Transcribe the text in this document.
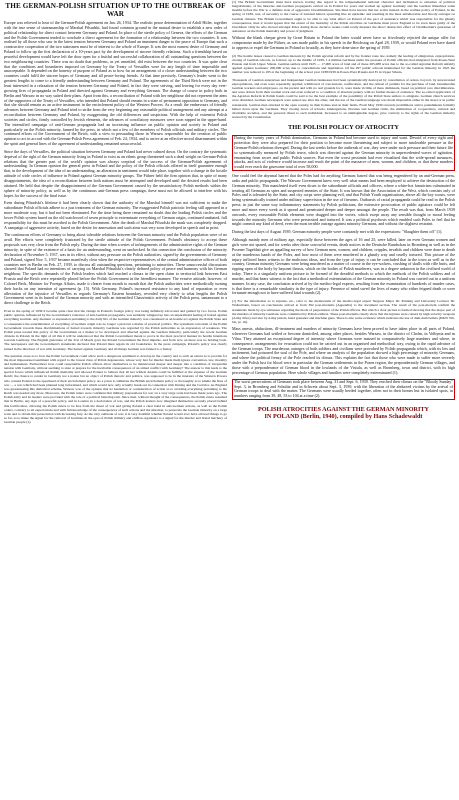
THE GERMAN-POLISH SITUATION UP TO THE OUTBREAK OF WAR

Europe was relieved to hear of the German-Polish agreement on Jan. 26, 1934. The realistic peace determination of Adolf Hitler, together with the true sense of statesmanship of Marshal Pilsudski, had found common ground in the mutual desire to establish a new order of political relationship for direct contact between Germany and Poland. In place of the sterile policy of Geneva, the efforts of the German and the Polish Government tended to conclude a direct agreement for the formation of a relationship between the two countries. It was realised by all those who saw in the latest tension between Germany and Poland an imminent danger to the peace of Europe that such a constructive cooperation of the two statesmen must be of interest to the whole of Europe. It was the most earnest desire of Germany and Poland to follow up the first declaration of a 10-years pact by the development of sincere friendly relations. Such a friendship based on peaceful development would have left the door open for a fruitful and successful collaboration of all outstanding questions between the two neighbouring countries. There was no doubt that problems, as yet unsettled, did exist between the two countries. It was quite clear that the conditions and boundaries imposed on Germany by the Treaty of Versailles were for any length of time impossible and unacceptable. It depended on the honesty of purpose of Poland as to how far an arrangement of a closer understanding between the two countries could fulfil the sincere hopes of Germany and all peace-loving friends. At that time precisely, Germany's leader went to the greatest lengths to come to a friendly understanding between Germany and Poland. The agreements of the Third Reich were not in the least interested in a relaxation of the tension between Germany and Poland, in fact they were striving, and leaving for every day ever-growing fires of propaganda in Poland and directed against Germany and everything German. The change of course in policy both in Berlin and Warsaw in no way suited their plans. Apart from this, a reconciliation of Poland with her neighbour did not represent the aims of the supporters of the Treaty of Versailles, who intended that Poland should remain in a state of permanent opposition to Germany, and that she should remain as an active instrument in the encirclement policy of the Western Powers. As a result the endeavours of friendly advances between Germany and Poland tried to strike from the very beginning any reasonable political arrangement and any attempt at a reconciliation between Germany and Poland, by exaggerating the old differences and suspicions. With the help of extremist Polish societies and circles, firmly controlled by Jewish elements, the advances of conciliatory measures were soon nipped in the upper-hand. The intensified campaign of anti-German propaganda had an increasing influence on public opinion and society in Poland and particularly on the Polish minority, fanned by the press, in which not a few of the members of Polish officials and military circles. The continued efforts of the Government of the Reich, with a view to persuading those in Warsaw responsible for the creation of public opinion to act in accord with the German-Polish Press agreement of Feb. 24, 1934, and to arrive at an effective moral disarmament within the spirit and general lines of the agreement of understanding remained unsuccessful.

Since the days of Versailles, the political situation between Germany and Poland had never calmed down. On the contrary the systematic deprival of the right of the German minority living in Poland to exist as an ethnic group threatened such a dead weight on German-Polish relations that the greater part of the world's opinion was always sceptical of the success of the German-Polish agreement of understanding. In German opinion the general press in Poland and the policy of the Polish officials offered in itself guarantee enough that, in the development of the idea of an understanding, an alteration in sentiment would take place, together with a change in the hostile attitude of wide circles of influence in Poland against German minority groups. The Führer held the firm opinion that, in spite of many disappointments, the idea of a reconciliation between both nations must be attempted and developed until the desired results had been attained. He held that despite the disappointment of the German Government caused by the unsatisfactory Polish methods within the sphere of minority policy, as well as by the continuous anti-German press campaign, these must not be allowed to interfere with his hopes for the success of the final issue.

Even during Pilsudski's lifetime it had been clearly shown that the authority of the Marshal himself was not sufficient to make the subordinate Polish officials adhere to a just treatment of the German minority. The exaggerated Polish patriotic feeling still appeared in a more moderate way, but it had not been eliminated. For the time being there remained no doubt that the leading Polish circles and the lower Polish system based on the old watchword of seven principle to exterminate everything of German origin, continued unabated, full responsibility for this must be ascribed to the Polish Government. After the death of Marshal Pilsudski the mask was completely dropped. A campaign of aggressive activity, based on the desire for annexation and such aims was very soon developed in speech and in print.

The continuous efforts of Germany to bring about tolerable relations between the German minority and the Polish population were of no avail. Her efforts were completely frustrated by the sterile attitude of the Polish Government. Poland's obstinacy to accept these proposals was very clear from the Polish reply. During the time when a series of infringements of the administrative rights of the German minority, in spite of the existence of a basis for an understanding, went on unchecked. In this connection the conclusion of the minority declaration of November 5, 1937, was in its effect, without any pressure on the Polish authorities, signed by the governments of Germany and Poland, signed Nov. 5, 1937 became manifestly clear when the respective representatives of the central administrative offices of both countries met in Berlin on Feb. 27, 1939, to discuss all outstanding questions, pertaining to minorities. These unsuccessful discussions showed that Poland had no intentions of carrying on Marshal Pilsudski's clearly defined policy of peace and harmony with his German neighbour. The specific demands of the Polish leaders which had reached a climax in the open claim to territorial link between East Prussia and the Reich were repeatedly placed before the Polish Government in the friendliest manner: The evasive attitude, however, of Colonel Beck, Minister for Foreign Affairs, made it clearer from month to month that the Polish authorities were methodically turning their backs on any intention of agreement (p. 15). With Germany, Poland's increased resistance to any kind of reparation or even alleviation of the injustice of Versailles as regards Germany's Eastern boundary, revealed very clearly to what lengths the Polish Government went in its hatred of the German minority and with an intensified Chauvinistic activity of the Polish press, tantamount to a direct challenge to the Reich.

Even in the spring of 1939 it became quite clear that the change in Poland's foreign policy was being definitely advocated and guided by two forces. Polish public opinion, influenced by the Government's tolerance of anti-German propaganda, was suddenly whipped up into an unparalleled feeling of hatred against everything German. Any moment or expression pertaining to the daily life of the German minority was considered as an hostile act against the Polish State and a consequence the extermination of everything of German origin was no longer a plan but a matter of practical politics. The systematic terrorism of the Polish Government towards these discriminations of hatred towards minority Germans was regarded by the Polish authorities as an expression of weakness. The Polish press treated this policy of the Government as a matter to be developed, and directed against the German minority, particularly the recent German citizens in Poland. In the light of all this it will be understood that the Polish Government meant to prove in the most practical manner its hostile intentions towards Germany. The English guarantee of the 31st of March gave the Poland Government the final impulse, and from now on there was no holding back. The newspapers and the Government's statements declared that Poland must regain its old boundaries. In the press campaign, Poland's policy was clearly turned in the direction of war with Germany. The hatred against Germany and all things German was fanned to a frenzy.

The question arose as to how the Polish Government could allow such a dangerous sentiment to develop in the country and to such an extent as to provide for the most impassioned sentiment with regard to the lowest class of Polish degenerates, whose very lust for murder made them ignore convention, law, morality and humaneness. Furthermore how could responsible Polish officers allow themselves to be maneuvered deeper and deeper into a condition of irreparable tension with Germany, without seeming to state or prepare for the inevitable consequences of an armed conflict with Germany? The answer to this leads to the special forces which influenced Polish mentality and allowed Poland to believe that all her wildest dreams could be fulfilled at the expense of the German Reich; the chance to render in Germany not a nation but an object of Polish rhetoric and politics, was supposed to be in the interests of the Western Powers who wanted Poland as the spearhead of their encirclement policy. As a pawn to stimulate the British encirclement policy or thoroughly as to kindle the fires of war — a war which had been planned long beforehand, and which would now only actually break out in connection with Danzig and the Corridor. As England was guaranteeing this diabolical scheme, Warsaw was of the opinion that no hesitation or consideration of action as to avoiding everything pertaining to the Reich was needed any more. Moreover, the Polish rulers were confident that military preparations for war on a very large scale had been made years ago. The Polish army and its leaders were provided with the role of a political battering ram. Since then, without thought of the consequences, the Polish rulers assumed that in Berlin, any sign of a peaceful policy, and in London in a declaration of war, and the Polish leaders now imagined themselves securely placed behind this fortification, allowing the Polish rulers to be free from the threat of war and giving Poland a clear hand in anti-German actions, as well as the Polish orders, contrary to all expectations and with full knowledge of the consequences of such actions and the situation, to persecute the German minority on a large scale and to obtain this persecution with increasing fury. At the very outbreak of war, it is very doubtful whether Poland would ever have allowed things to go so far, as to make the signal for the removal of Germans in the eyes of Polish military and civilian organisers to a signal for the murder and brutal butchery of German people (1).

(1) The British Government must have known, having due regard to the temperamental national character and inclination to extremes of political megalomania, of the likewise anti-German propaganda carried on in Poland for years and worked up against Germany and the German minorities some months before the War to a definite state of aggressive bloodthirstiness. She must have known that her active interest in the warlike policy of Poland, in the spring of 1939, was, of necessity to the course of national hatred, spreading like an epidemic and resulting in the most unbelievable and bloody outrages on German citizens. The British Government ought to be able to say what effect on Poland of the pact of assistance which was responsible for the ghastly consequences, then it would appear that the extent of the bestiality of the Polish atrocities on Germans must prove England to be even more guilty of the bloodshed. Only he who moved amongst Poles during those decisive weeks could really measure the direct destructive effect of Chamberlain's guarantee of assistance on the Polish mentality and power of judgment.

Without the blank cheque given by Great Britain to Poland the latter would never have so frivolously rejected the unique offer for compromise made by the Führer, as was made public in his speech in the Reichstag on April 28, 1939, or would Poland ever have dared to oppress or expel the Germans in Poland so brutally, as they have done since the spring of 1939.

(2) The hostile issues caused to German interests by the Polish agrarian reform and by the frontier zone law, namely the leading of emigration, expropriation, closing of German schools, as follows: up to the middle of 1939, 1.4 million Germans under the pressure of Polish officials had emigrated from Posen-West Prussia and from Upper Silesia. German settlers until 1925 — 17,000 acres of land and of these 265,288 acres due to the so-called Agrarian Reform unfairly applied against Germans; 200,000 acres due to cancellations and liquidation. Of the 297 public schools maintained for the German minority in 1925 the number was reduced to 185 at the beginning of the school year 1938/1939 in Posen-West Prussia and 35 in Upper Silesia.

Thousands of German enterprises and independent German businesses had been systematically destroyed by cancellation of orders, boycott, by unwarranted expropriations, and even were repeatedly applied, withdrawal of concessions, confiscation, and the refusal of permits for the purchase of land. Innumerable German workers and employees, on the pretext and with no real grounds for it, were made victims of mass dismissals, based on political race discrimination, and were driven from their normal work and even reduced to a condition of absolute penury with no further means of existence. The so-called application of the Agrarian Reform in Polish hands could be said to be the best example of the possibility of the Polish State settlers to emigrate. German church services were disturbed, German newspapers were seized one after the other, and the use of the German language was made impossible either in the street or in public restaurants. German men attacked in the open country, in their homes and on their farms. From May 1939 onwards prohibitions and/or punishments formally halted down upon the Germans. They closing down of schools, kindergartens, libraries and German clubs, the elimination of cooperatives, cultural and charitable societies, and the personal threat to each individual, increased to an unimaginable degree, gave contrary to the rights of the German minority secured by the Constitution.

THE POLISH POLICY OF ATROCITY

During the twenty years of Polish domination, Germans in Poland had become used to injury and want. Devoid of every right and protection they were also prepared for their position to become more threatening and subject to more intolerable pressure as the German-Polish relations diverged. During the last weeks before the outbreak of war, they were under such pressure and their future life so systematically menaced by Polish terror, which was directed against the German minority in unprecedented waves of agitation, emanating from secret and public Polish sources. But even the worst pessimist had ever visualised that the wide-spread measures, attacks, and acts of violence would increase and reach the point of the massacre of men, women, and children, or that these murders would ever reach the gruesome total of over 58,000.

One could feel the abysmal hatred that the Poles had for anything German; hatred that was being engendered by an anti-German press, radio and public propaganda. The Warsaw Government knew very well what means had been employed to achieve the destruction of the German minority. This manifested itself even down to the subordinate officials and officers, where a white-hot fanaticism culminated in treating all Germans as spies and suspected enemies of the State. It was known that the Association of the West, which consists only of Poles and is tolerated by the State, and city corps were planning evil, and that Polish Youth organisations, above all the boy scouts, were being systematically trained under military supervision in the use of firearms. Outbursts of racial propaganda could be read in the Polish press; in just the same way inflammatory statements by Polish politicians, the extensive provocation of public agitators could be felt more and more every week as it spread and penetrated deeper and deeper amongst the people. The result was that, from March 1939 onwards, every reasonable Polish elements were dragged into the vortex, which swept away any sensible thought or moral feeling towards the minority Germans who were persecuted and tortured. It was a political psychosis which enabled such Poles to feel that he might commit any kind of deed, even the most terrible outrage against minority Germans, and without the slightest restraint.

During the last days of August 1939, German minority people were constantly met with the expressions: "Slaughter them off" (1).

Although mainly men of military age, especially those between the ages of 16 and 25, were killed, later on even German women and girls were not spared, and for weeks after those sorrowful events, death notices in the Deutsche Rundschau in Bromberg as well as in the Posener Tageblatt give an appalling survey of how German men, women, and children, cripples, invalids and children were done to death at the murderous hands of the Poles, and how most of them were murdered in a ghastly way and cruelly tortured. This picture of the injury inflicted bears witness to the malicious ideas, and from the type of injury it can be concluded that in the town as well as in the country, German minority Germans were being murdered as a matter of course in the eye-sockets, crushing of skulls with rifle butts, and ripping open of the body by bayonet thrusts, which on the bodies of Polish murderers, was in a degree unknown in the civilised world of today. There is a singularly uniform picture to be formed of the dreadful methods to which the methods of the Polish soldiers and of murder, and that bears witness to the fact that a methodical extermination of the German minority in Poland was carried out in a uniform manner. In any case, the conclusion arrived at by the medico-legal experts, resulting from the examination of hundreds of murder cases, is that there is a remarkable similarity in the type of injury. Presence of mind saved the lives of many who either feigned death or were fortunate enough not to have suffered fatal wounds (2).

(1) For the information as to injuries, etc., refer to the memoranda of the medico-legal expert Surgeon Major Dr. Panning and University Lecturer Dr. Waltermann, based on conclusions arrived at from 392 post-mortems (Appendix) to the document section. The result of the post-mortem confirm the statements made by eye-witnesses regarding the mode of perpetration of the Polish officers. But which a clear picture is formed showing that the major part of the murders of minority Germans were committed by Polish soldiers. These post-mortems clearly show that the injuries were caused by high-velocity weapons (Army rifles) and also by Army pistols, hand grenades and machine guns. There is also some evidence which indicates the use of dum-dum bullets (DKW Wh, bis, pt. 16).

Mass arrests, abductions, ill-treatment and murders of minority Germans have been proved to have taken place in all parts of Poland, wherever Germans had settled or become domiciled, among other places, besides Warsaw, in the district of Cholm, in Volhynia and in Vilna. They attained an exceptional degree of intensity where Germans were massed in comparatively large numbers and where, in consequence, arrangements for evacuation could not be carried out in an organised and methodical way, owing to the rapid advance of the German troops. The murderous outrages of both soldiers and civilians were provoked by Polish propaganda which, with its lies and incitement, had poisoned the soul of the Pole, and where an analysis of the population showed a high percentage of minority Germans, and where the political frenzy of the Pole reached its climax. This explains the fact that those who were made to suffer more severely under the Polish lust for blood were in particular the German settlements in the Posen region, the preponderantly German villages, and those with a preponderance of German blood in the lowlands of the Vistula, as well as Bromberg, town and district, with its high percentage of German population. Here whole villages and families were completely exterminated (1).

The worst persecutions of Germans took place between Aug. 31 and Sept. 6, 1939. They reached their climax on the "Bloody Sunday" Sept. 3, in Bromberg and Schulitz and in Schwetz about Sept. 3, 1939, with the liberation of the abducted victims by the arrival of German troops to deal with the matter. The Germans were usually herded together, often not in their homes but in isolated spots, in numbers ranging from 39, 48, 53 to 104 at a time (2).

POLISH ATROCITIES AGAINST THE GERMAN MINORITY
IN POLAND (Berlin, 1940), compiled by Hans Schadewaldt
